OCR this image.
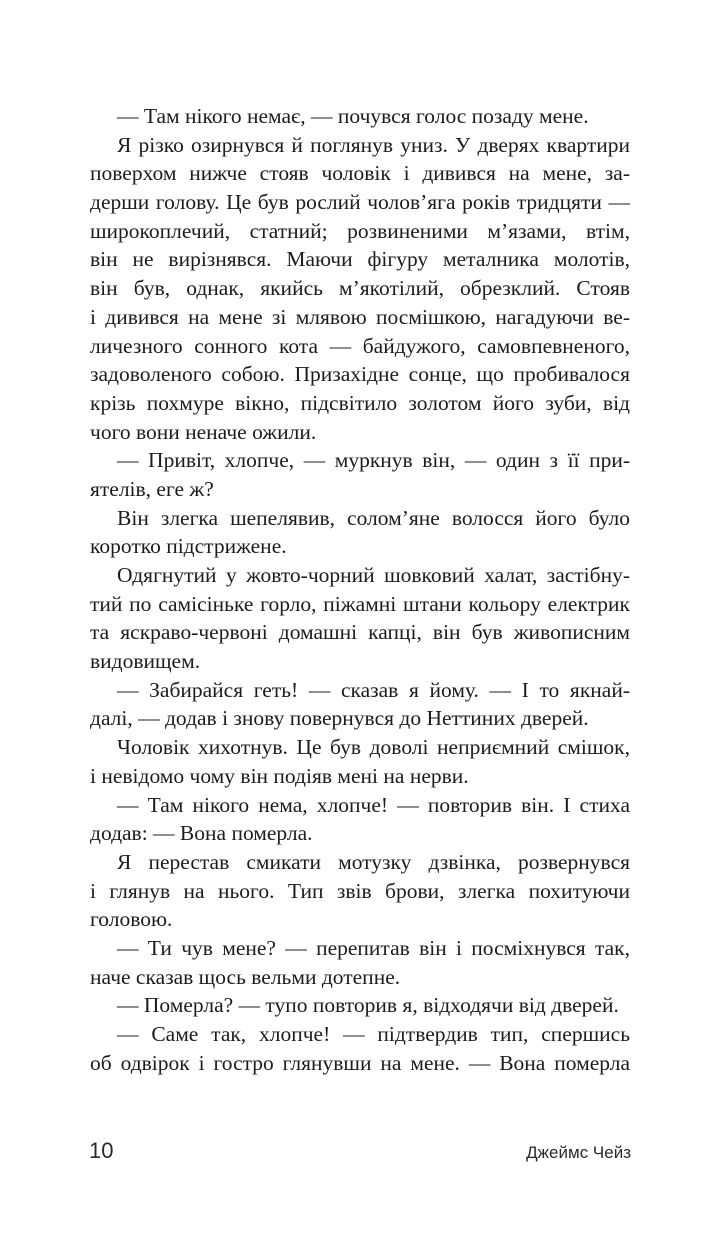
— Там нікого немає, — почувся голос позаду мене.
Я різко озирнувся й поглянув униз. У дверях квартири
поверхом нижче стояв чоловік і дивився на мене, за-
дерши голову. Це був рослий чолов’яга років тридцяти —
широкоплечий, статний; розвиненими м’язами, втім,
він не вирізнявся. Маючи фігуру металника молотів,
він був, однак, якийсь м’якотілий, обрезклий. Стояв
і дивився на мене зі млявою посмішкою, нагадуючи ве-
личезного сонного кота — байдужого, самовпевненого,
задоволеного собою. Призахідне сонце, що пробивалося
крізь похмуре вікно, підсвітило золотом його зуби, від
чого вони неначе ожили.
— Привіт, хлопче, — муркнув він, — один з її при-
ятелів, еге ж?
Він злегка шепелявив, солом’яне волосся його було
коротко підстрижене.
Одягнутий у жовто-чорний шовковий халат, застібну-
тий по самісіньке горло, піжамні штани кольору електрик
та яскраво-червоні домашні капці, він був живописним
видовищем.
— Забирайся геть! — сказав я йому. — І то якнай-
далі, — додав і знову повернувся до Неттиних дверей.
Чоловік хихотнув. Це був доволі неприємний смішок,
і невідомо чому він подіяв мені на нерви.
— Там нікого нема, хлопче! — повторив він. І стиха
додав: — Вона померла.
Я перестав смикати мотузку дзвінка, розвернувся
і глянув на нього. Тип звів брови, злегка похитуючи
головою.
— Ти чув мене? — перепитав він і посміхнувся так,
наче сказав щось вельми дотепне.
— Померла? — тупо повторив я, відходячи від дверей.
— Саме так, хлопче! — підтвердив тип, спершись
об одвірок і гостро глянувши на мене. — Вона померла
10	Джеймс Чейз
